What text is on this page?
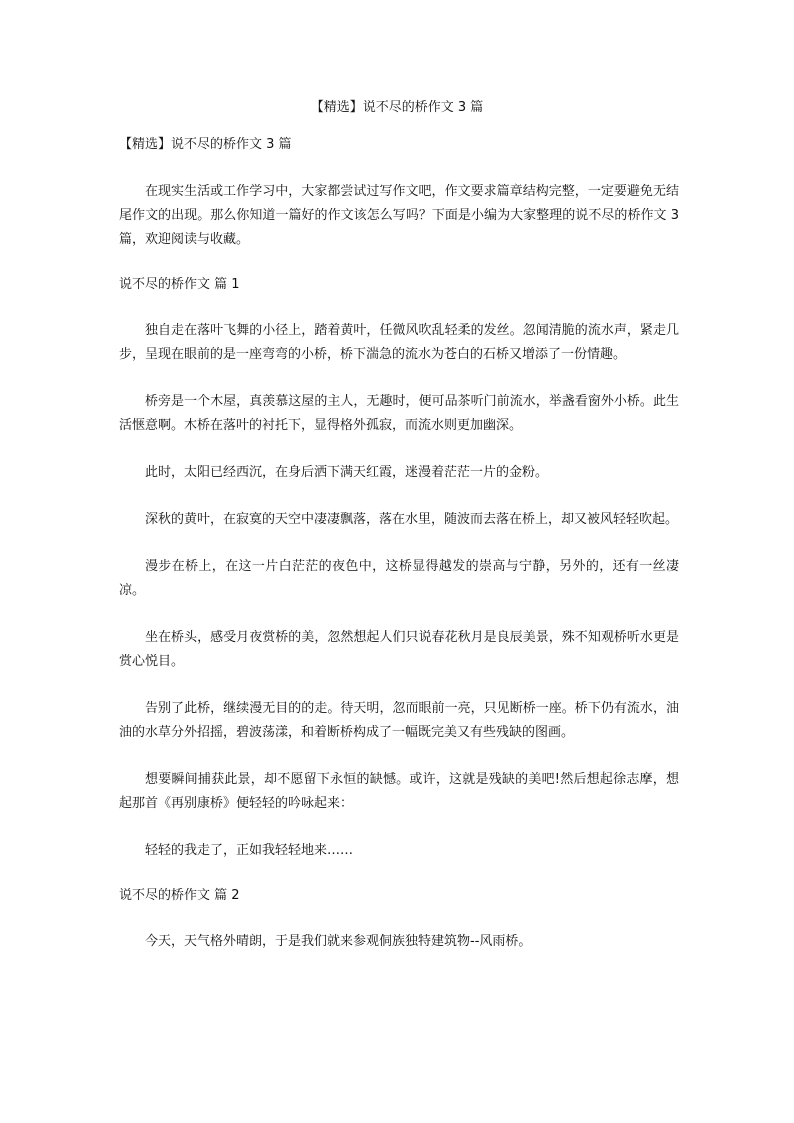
【精选】说不尽的桥作文 3 篇
【精选】说不尽的桥作文 3 篇

在现实生活或工作学习中，大家都尝试过写作文吧，作文要求篇章结构完整，一定要避免无结尾作文的出现。那么你知道一篇好的作文该怎么写吗？下面是小编为大家整理的说不尽的桥作文 3 篇，欢迎阅读与收藏。

说不尽的桥作文 篇 1

独自走在落叶飞舞的小径上，踏着黄叶，任微风吹乱轻柔的发丝。忽闻清脆的流水声，紧走几步，呈现在眼前的是一座弯弯的小桥，桥下湍急的流水为苍白的石桥又增添了一份情趣。

桥旁是一个木屋，真羡慕这屋的主人，无趣时，便可品茶听门前流水，举盏看窗外小桥。此生活惬意啊。木桥在落叶的衬托下，显得格外孤寂，而流水则更加幽深。

此时，太阳已经西沉，在身后洒下满天红霞，迷漫着茫茫一片的金粉。

深秋的黄叶，在寂寞的天空中凄凄飘落，落在水里，随波而去落在桥上，却又被风轻轻吹起。

漫步在桥上，在这一片白茫茫的夜色中，这桥显得越发的崇高与宁静，另外的，还有一丝凄凉。

坐在桥头，感受月夜赏桥的美，忽然想起人们只说春花秋月是良辰美景，殊不知观桥听水更是赏心悦目。

告别了此桥，继续漫无目的的走。待天明，忽而眼前一亮，只见断桥一座。桥下仍有流水，油油的水草分外招摇，碧波荡漾，和着断桥构成了一幅既完美又有些残缺的图画。

想要瞬间捕获此景，却不愿留下永恒的缺憾。或许，这就是残缺的美吧!然后想起徐志摩，想起那首《再别康桥》便轻轻的吟咏起来：

轻轻的我走了，正如我轻轻地来……

说不尽的桥作文 篇 2

今天，天气格外晴朗，于是我们就来参观侗族独特建筑物--风雨桥。
